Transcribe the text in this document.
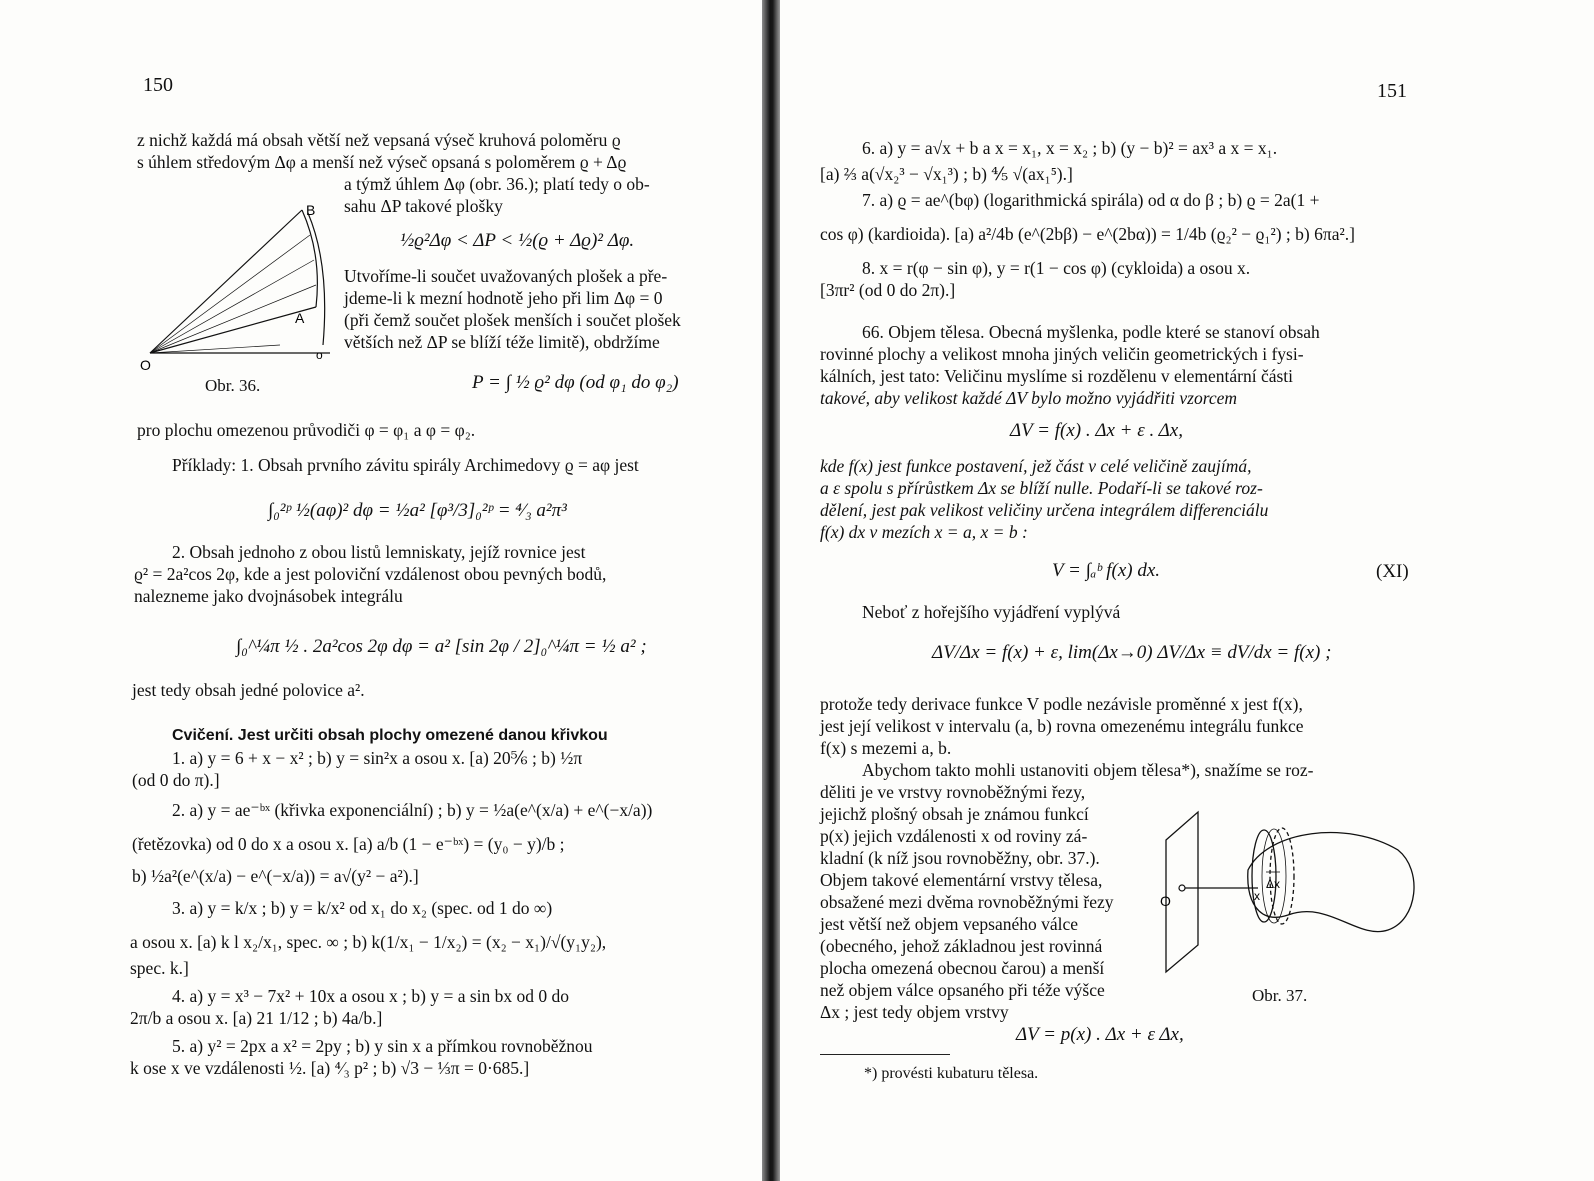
150
z nichž každá má obsah větší než vepsaná výseč kruhová poloměru ϱ
s úhlem středovým Δφ a menší než výseč opsaná s poloměrem ϱ + Δϱ
a týmž úhlem Δφ (obr. 36.); platí tedy o ob-
sahu ΔP takové plošky
½ϱ²Δφ < ΔP < ½(ϱ + Δϱ)² Δφ.
Utvoříme-li součet uvažovaných plošek a pře-
jdeme-li k mezní hodnotě jeho při lim Δφ = 0
(při čemž součet plošek menších i součet plošek
větších než ΔP se blíží téže limitě), obdržíme
P = ∫ ½ ϱ² dφ (od φ₁ do φ₂)
B
A
O
o
Obr. 36.
pro plochu omezenou průvodiči φ = φ₁ a φ = φ₂.
Příklady: 1. Obsah prvního závitu spirály Archimedovy ϱ = aφ jest
∫₀²ᵖ ½(aφ)² dφ = ½a² [φ³/3]₀²ᵖ = ⁴⁄₃ a²π³
2. Obsah jednoho z obou listů lemniskaty, jejíž rovnice jest
ϱ² = 2a²cos 2φ, kde a jest poloviční vzdálenost obou pevných bodů,
nalezneme jako dvojnásobek integrálu
∫₀^¼π ½ . 2a²cos 2φ dφ = a² [sin 2φ / 2]₀^¼π = ½ a² ;
jest tedy obsah jedné polovice a².
Cvičení. Jest určiti obsah plochy omezené danou křivkou
1. a) y = 6 + x − x² ; b) y = sin²x a osou x. [a) 20⅚ ; b) ½π
(od 0 do π).]
2. a) y = ae⁻ᵇˣ (křivka exponenciální) ; b) y = ½a(e^(x/a) + e^(−x/a))
(řetězovka) od 0 do x a osou x. [a) a/b (1 − e⁻ᵇˣ) = (y₀ − y)/b ;
b) ½a²(e^(x/a) − e^(−x/a)) = a√(y² − a²).]
3. a) y = k/x ; b) y = k/x² od x₁ do x₂ (spec. od 1 do ∞)
a osou x. [a) k l x₂/x₁, spec. ∞ ; b) k(1/x₁ − 1/x₂) = (x₂ − x₁)/√(y₁y₂),
spec. k.]
4. a) y = x³ − 7x² + 10x a osou x ; b) y = a sin bx od 0 do
2π/b a osou x. [a) 21 1/12 ; b) 4a/b.]
5. a) y² = 2px a x² = 2py ; b) y sin x a přímkou rovnoběžnou
k ose x ve vzdálenosti ½. [a) ⁴⁄₃ p² ; b) √3 − ⅓π = 0·685.]
151
6. a) y = a√x + b a x = x₁, x = x₂ ; b) (y − b)² = ax³ a x = x₁.
[a) ⅔ a(√x₂³ − √x₁³) ; b) ⅘ √(ax₁⁵).]
7. a) ϱ = ae^(bφ) (logarithmická spirála) od α do β ; b) ϱ = 2a(1 +
cos φ) (kardioida). [a) a²/4b (e^(2bβ) − e^(2bα)) = 1/4b (ϱ₂² − ϱ₁²) ; b) 6πa².]
8. x = r(φ − sin φ), y = r(1 − cos φ) (cykloida) a osou x.
[3πr² (od 0 do 2π).]
66. Objem tělesa. Obecná myšlenka, podle které se stanoví obsah
rovinné plochy a velikost mnoha jiných veličin geometrických i fysi-
kálních, jest tato: Veličinu myslíme si rozdělenu v elementární části
takové, aby velikost každé ΔV bylo možno vyjádřiti vzorcem
ΔV = f(x) . Δx + ε . Δx,
kde f(x) jest funkce postavení, jež část v celé veličině zaujímá,
a ε spolu s přírůstkem Δx se blíží nulle. Podaří-li se takové roz-
dělení, jest pak velikost veličiny určena integrálem differenciálu
f(x) dx v mezích x = a, x = b :
V = ∫ₐᵇ f(x) dx.	(XI)
Neboť z hořejšího vyjádření vyplývá
ΔV/Δx = f(x) + ε, lim(Δx→0) ΔV/Δx ≡ dV/dx = f(x) ;
protože tedy derivace funkce V podle nezávisle proměnné x jest f(x),
jest její velikost v intervalu (a, b) rovna omezenému integrálu funkce
f(x) s mezemi a, b.
Abychom takto mohli ustanoviti objem tělesa*), snažíme se roz-
děliti je ve vrstvy rovnoběžnými řezy,
jejichž plošný obsah je známou funkcí
p(x) jejich vzdálenosti x od roviny zá-
kladní (k níž jsou rovnoběžny, obr. 37.).
Objem takové elementární vrstvy tělesa,
obsažené mezi dvěma rovnoběžnými řezy
jest větší než objem vepsaného válce
(obecného, jehož základnou jest rovinná
plocha omezená obecnou čarou) a menší
než objem válce opsaného při téže výšce
Δx ; jest tedy objem vrstvy
ΔV = p(x) . Δx + ε Δx,
O	x
Δx
Obr. 37.
*) provésti kubaturu tělesa.
